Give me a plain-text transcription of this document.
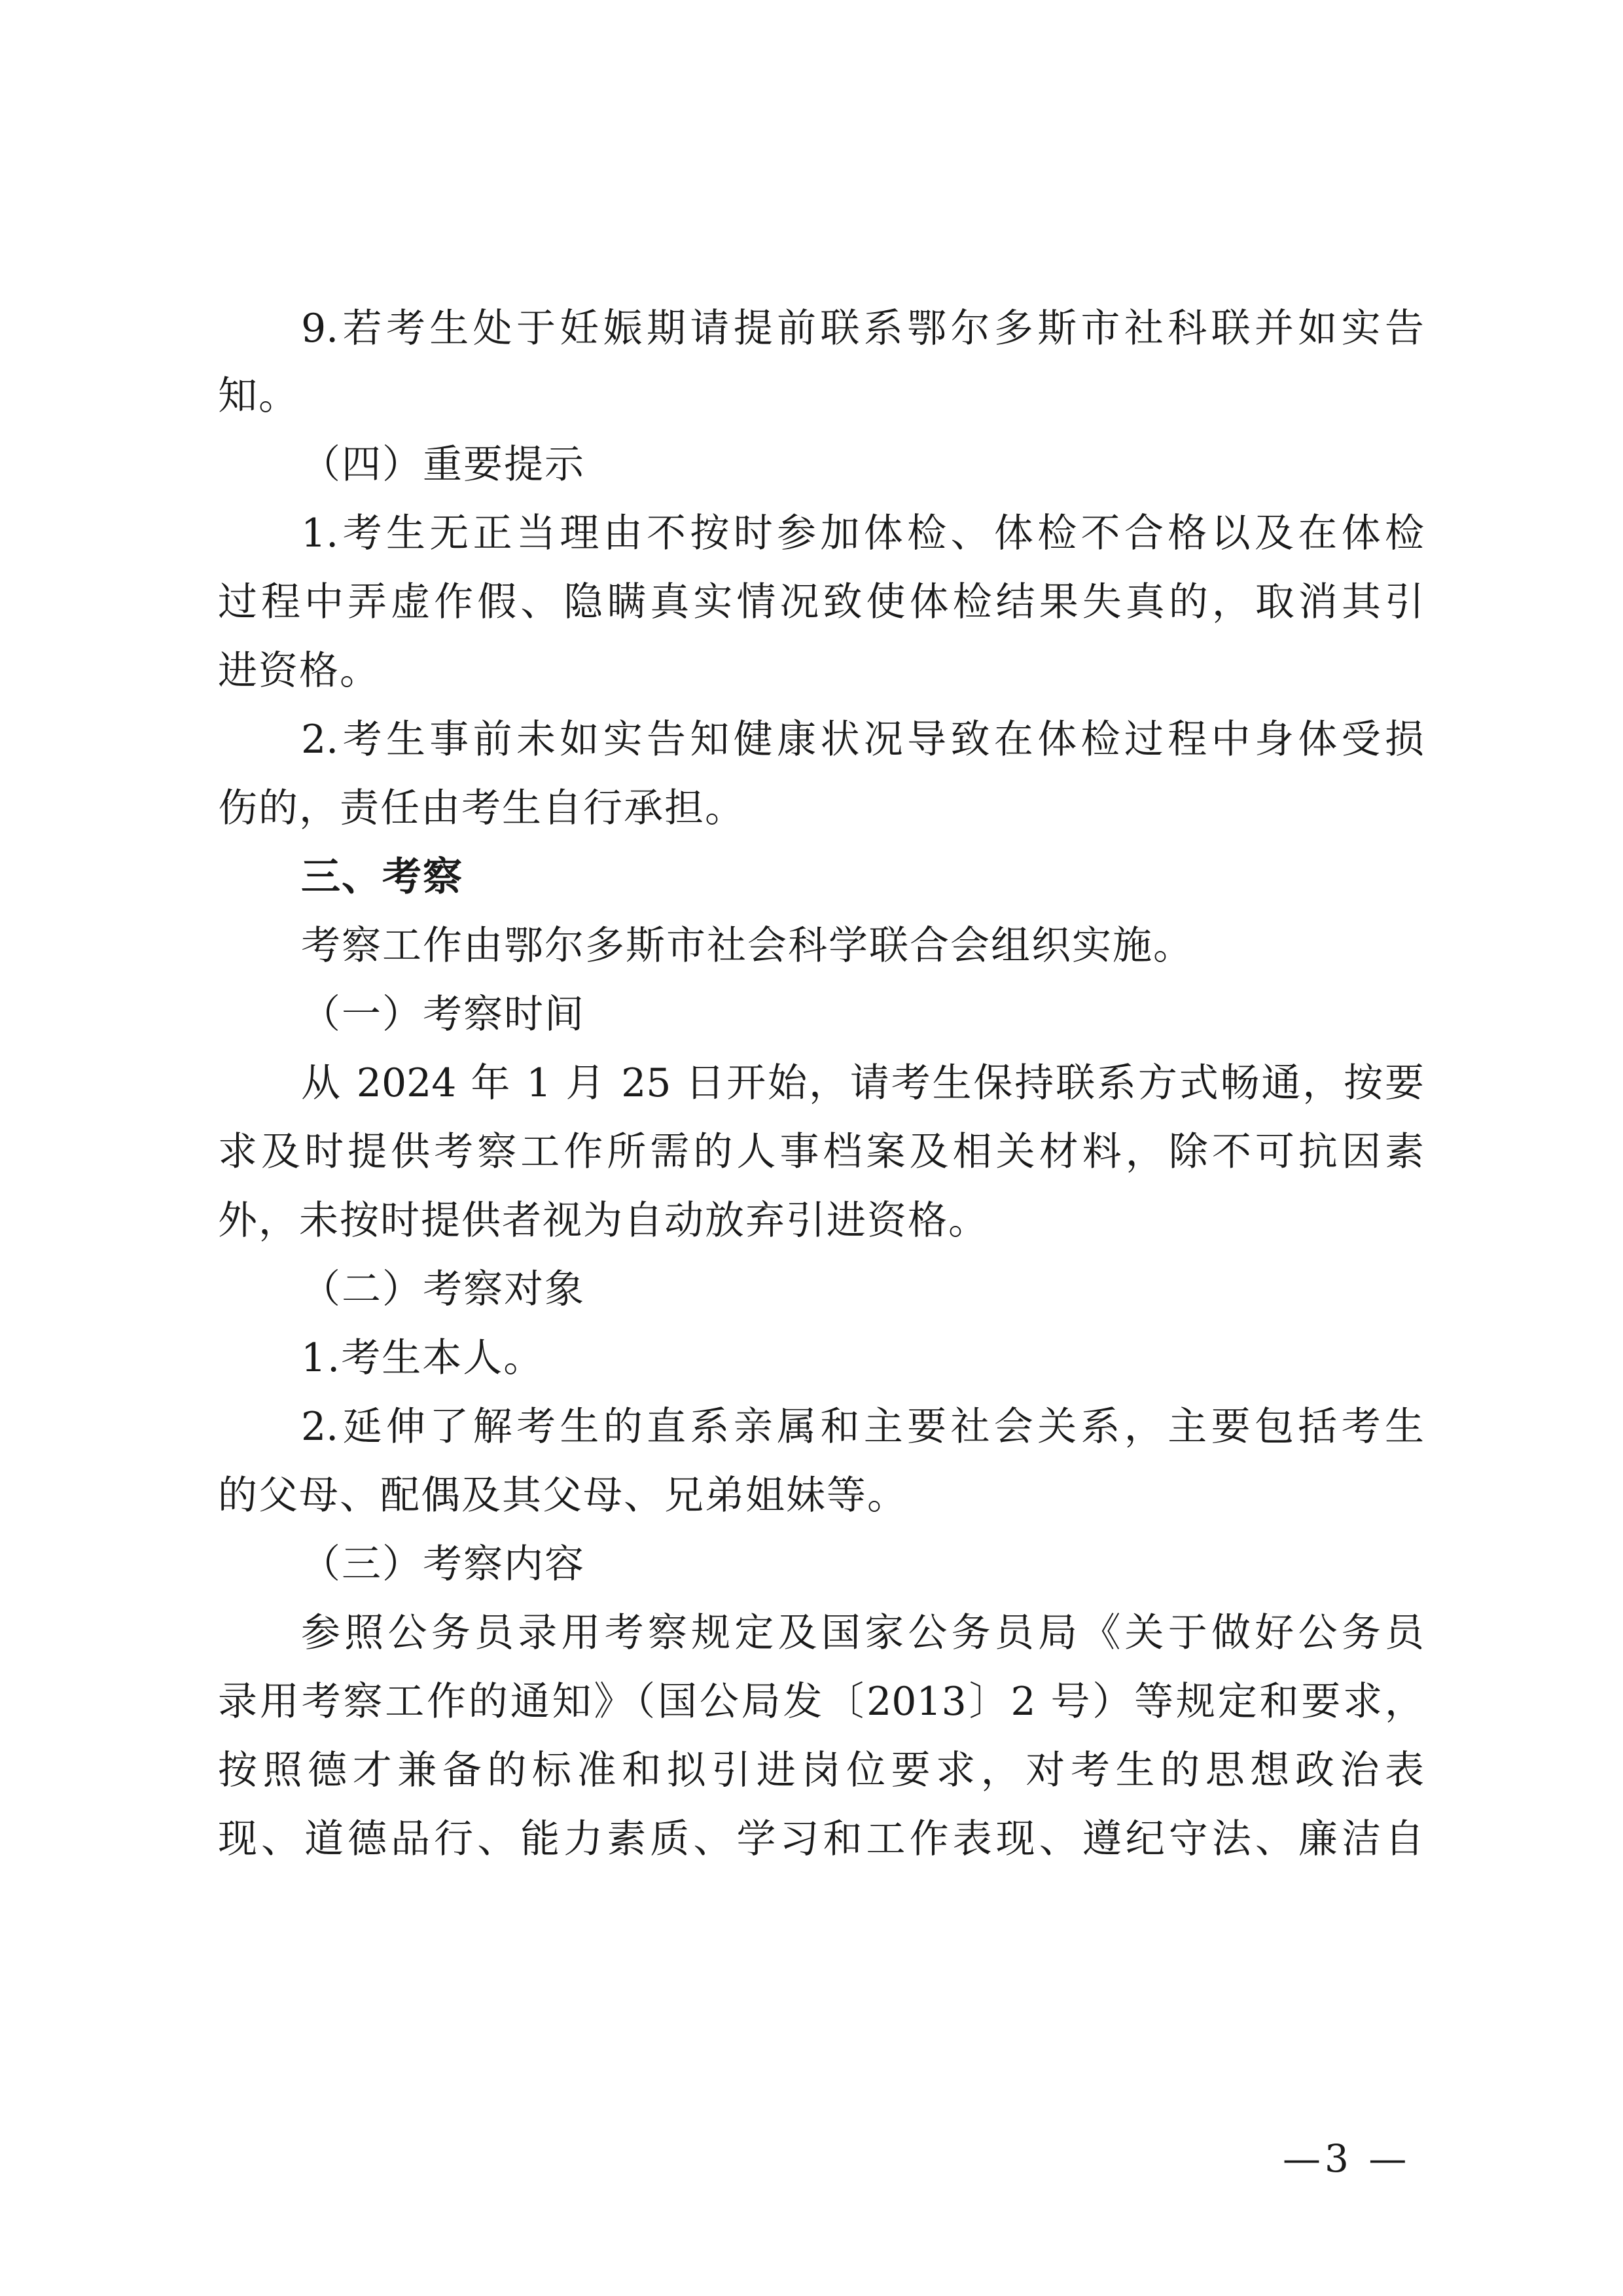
9.若考生处于妊娠期请提前联系鄂尔多斯市社科联并如实告
知。
（四）重要提示
1.考生无正当理由不按时参加体检、体检不合格以及在体检
过程中弄虚作假、隐瞒真实情况致使体检结果失真的，取消其引
进资格。
2.考生事前未如实告知健康状况导致在体检过程中身体受损
伤的，责任由考生自行承担。
三、考察
考察工作由鄂尔多斯市社会科学联合会组织实施。
（一）考察时间
从 2024 年 1 月 25 日开始，请考生保持联系方式畅通，按要
求及时提供考察工作所需的人事档案及相关材料，除不可抗因素
外，未按时提供者视为自动放弃引进资格。
（二）考察对象
1.考生本人。
2.延伸了解考生的直系亲属和主要社会关系，主要包括考生
的父母、配偶及其父母、兄弟姐妹等。
（三）考察内容
参照公务员录用考察规定及国家公务员局《关于做好公务员
录用考察工作的通知》（国公局发〔2013〕2 号）等规定和要求，
按照德才兼备的标准和拟引进岗位要求，对考生的思想政治表
现、道德品行、能力素质、学习和工作表现、遵纪守法、廉洁自
—3 —
